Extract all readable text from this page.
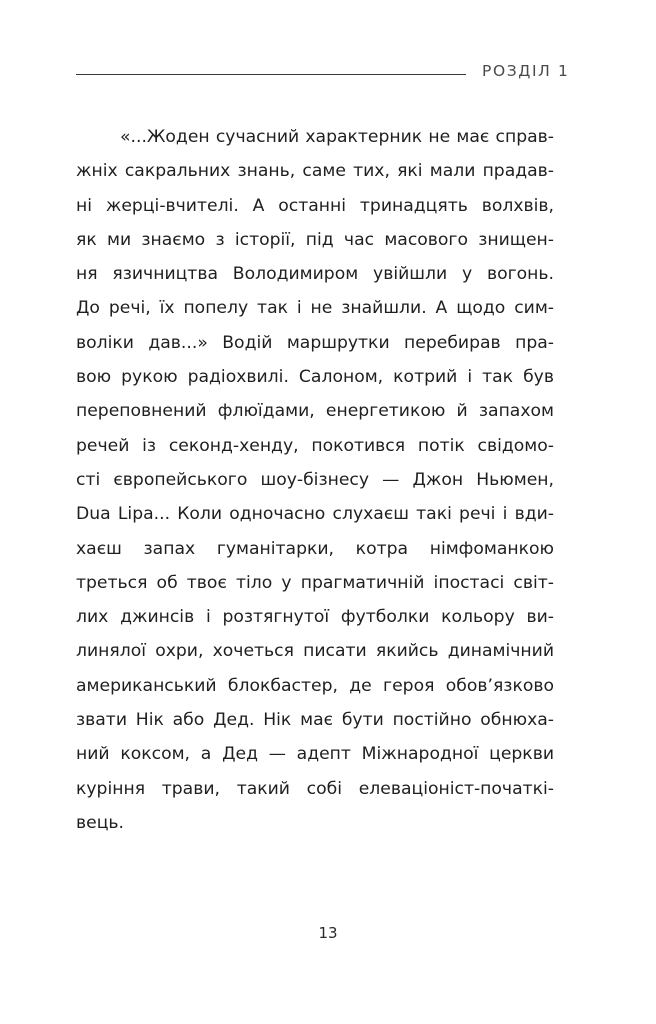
РОЗДІЛ 1
«...Жоден сучасний характерник не має справ-
жніх сакральних знань, саме тих, які мали прадав-
ні жерці-вчителі. А останні тринадцять волхвів,
як ми знаємо з історії, під час масового знищен-
ня язичництва Володимиром увійшли у вогонь.
До речі, їх попелу так і не знайшли. А щодо сим-
воліки дав...» Водій маршрутки перебирав пра-
вою рукою радіохвилі. Салоном, котрий і так був
переповнений флюїдами, енергетикою й запахом
речей із секонд-хенду, покотився потік свідомо-
сті європейського шоу-бізнесу — Джон Ньюмен,
Dua Lipa... Коли одночасно слухаєш такі речі і вди-
хаєш запах гуманітарки, котра німфоманкою
треться об твоє тіло у прагматичній іпостасі світ-
лих джинсів і розтягнутої футболки кольору ви-
линялої охри, хочеться писати якийсь динамічний
американський блокбастер, де героя обов’язково
звати Нік або Дед. Нік має бути постійно обнюха-
ний коксом, а Дед — адепт Міжнародної церкви
куріння трави, такий собі елеваціоніст-початкі-
вець.
13
